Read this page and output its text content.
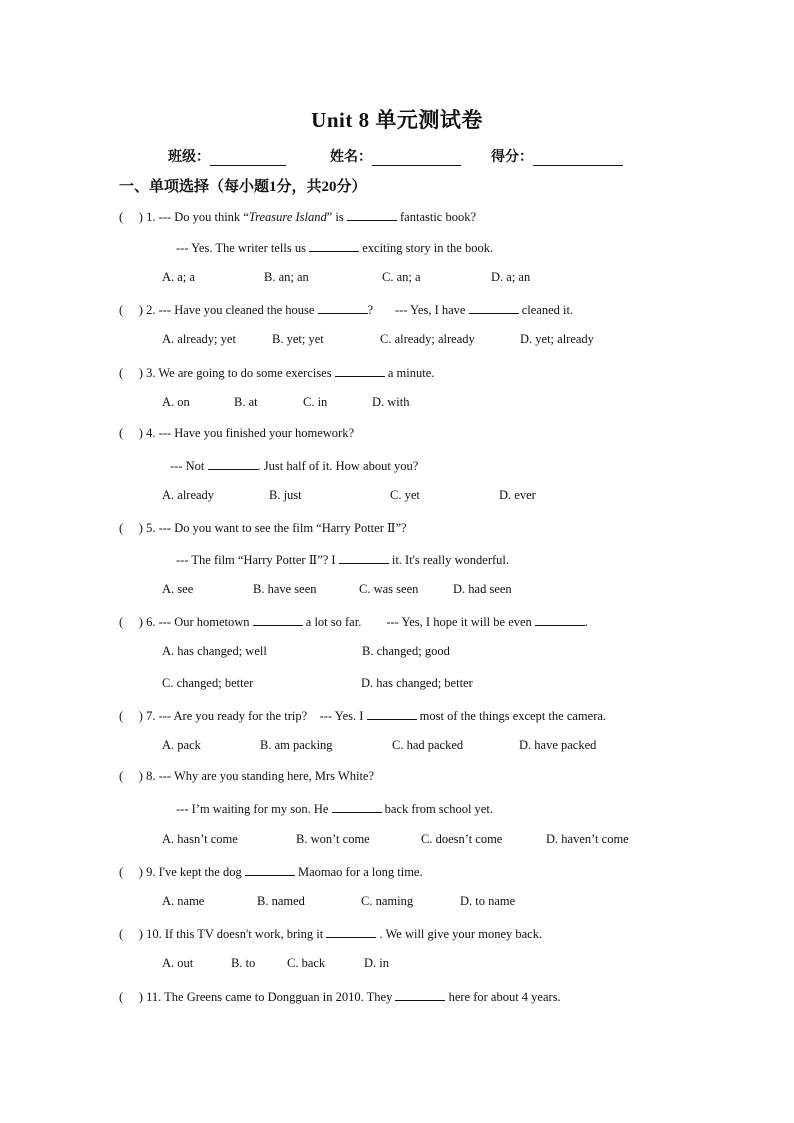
Unit 8 单元测试卷
班级：	姓名：	得分：
一、单项选择（每小题1分，共20分）
(     ) 1. --- Do you think “Treasure Island” is	fantastic book?
--- Yes. The writer tells us	exciting story in the book.
A. a; a	B. an; an	C. an; a	D. a; an
(     ) 2. --- Have you cleaned the house	? --- Yes, I have	cleaned it.
A. already; yet	B. yet; yet	C. already; already	D. yet; already
(     ) 3. We are going to do some exercises	a minute.
A. on	B. at	C. in	D. with
(     ) 4. --- Have you finished your homework?
--- Not	. Just half of it. How about you?
A. already	B. just	C. yet	D. ever
(     ) 5. --- Do you want to see the film “Harry Potter Ⅱ”?
--- The film “Harry Potter Ⅱ”? I	it. It's really wonderful.
A. see	B. have seen	C. was seen	D. had seen
(     ) 6. --- Our hometown	a lot so far. --- Yes, I hope it will be even	.
A. has changed; well	B. changed; good
C. changed; better	D. has changed; better
(     ) 7. --- Are you ready for the trip? --- Yes. I	most of the things except the camera.
A. pack	B. am packing	C. had packed	D. have packed
(     ) 8. --- Why are you standing here, Mrs White?
--- I’m waiting for my son. He	back from school yet.
A. hasn’t come	B. won’t come	C. doesn’t come	D. haven’t come
(     ) 9. I've kept the dog	Maomao for a long time.
A. name	B. named	C. naming	D. to name
(     ) 10. If this TV doesn't work, bring it	. We will give your money back.
A. out	B. to	C. back	D. in
(     ) 11. The Greens came to Dongguan in 2010. They	here for about 4 years.
